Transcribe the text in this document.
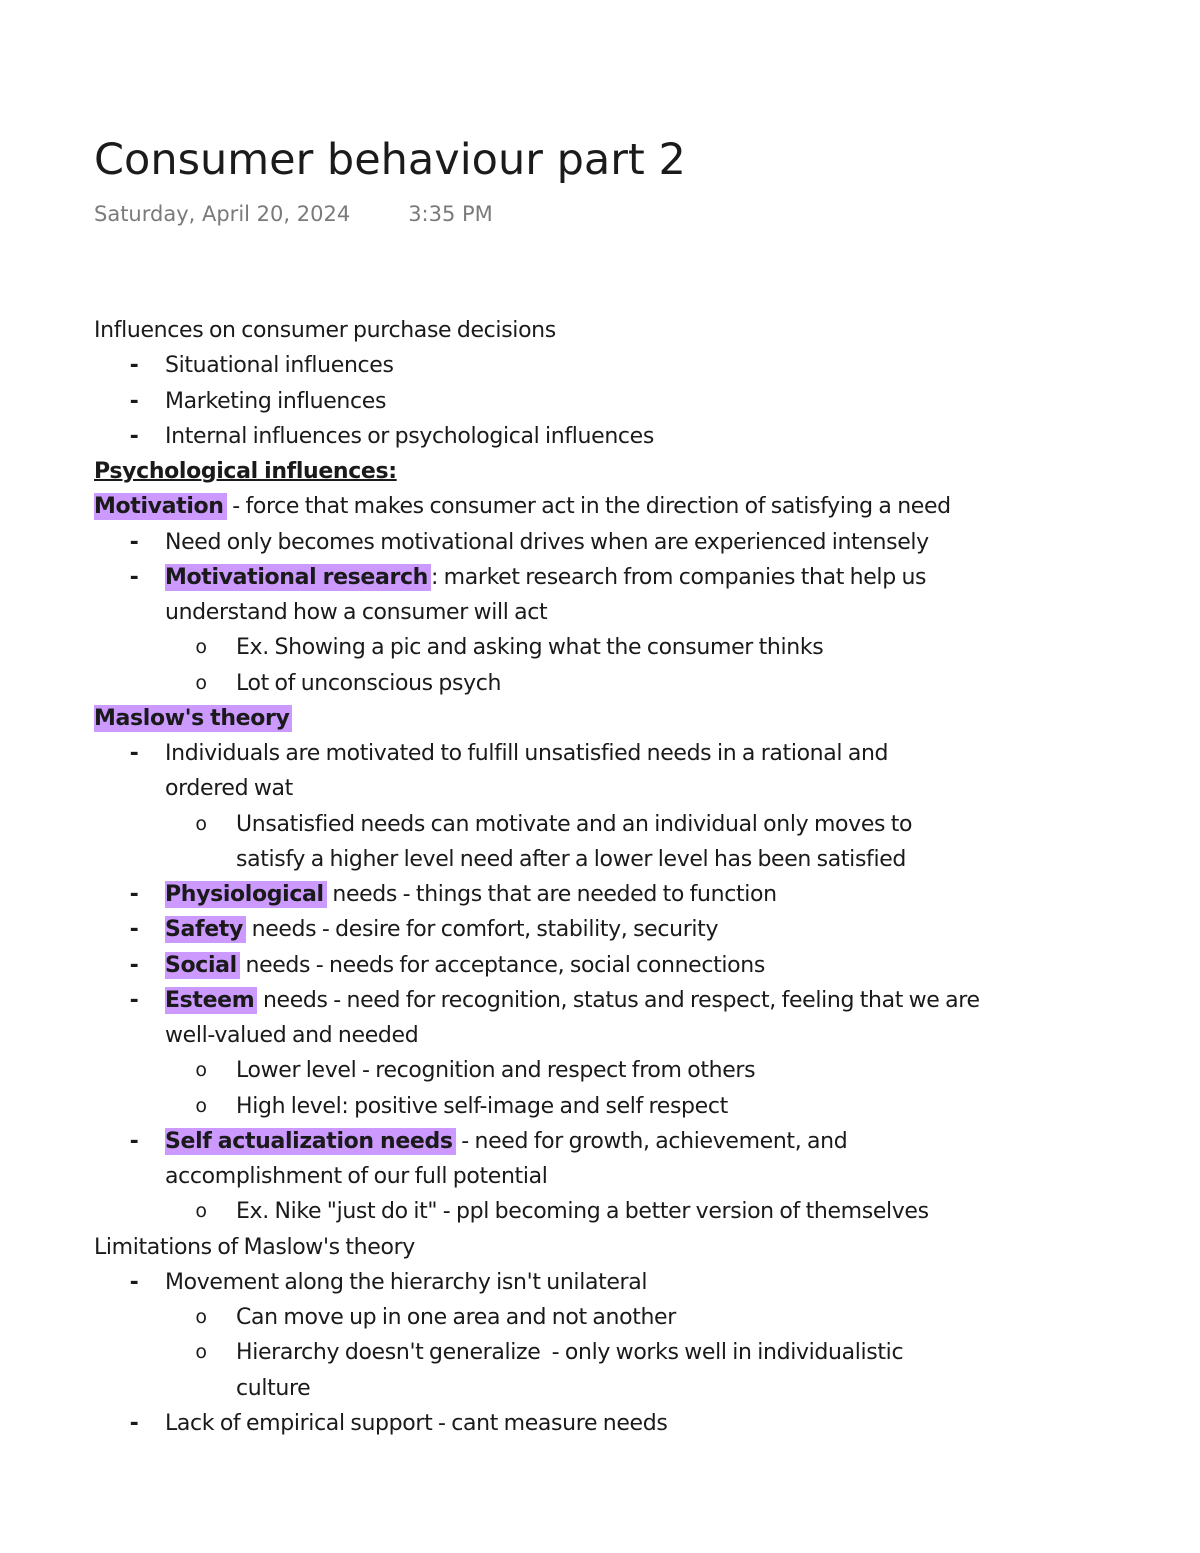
Consumer behaviour part 2
Saturday, April 20, 2024	3:35 PM
Influences on consumer purchase decisions
-	Situational influences
-	Marketing influences
-	Internal influences or psychological influences
Psychological influences:
Motivation - force that makes consumer act in the direction of satisfying a need
-	Need only becomes motivational drives when are experienced intensely
-	Motivational research : market research from companies that help us
understand how a consumer will act
o	Ex. Showing a pic and asking what the consumer thinks
o	Lot of unconscious psych
Maslow's theory
-	Individuals are motivated to fulfill unsatisfied needs in a rational and
ordered wat
o	Unsatisfied needs can motivate and an individual only moves to
satisfy a higher level need after a lower level has been satisfied
-	Physiological needs - things that are needed to function
-	Safety needs - desire for comfort, stability, security
-	Social needs - needs for acceptance, social connections
-	Esteem needs - need for recognition, status and respect, feeling that we are
well-valued and needed
o	Lower level - recognition and respect from others
o	High level: positive self-image and self respect
-	Self actualization needs - need for growth, achievement, and
accomplishment of our full potential
o	Ex. Nike "just do it" - ppl becoming a better version of themselves
Limitations of Maslow's theory
-	Movement along the hierarchy isn't unilateral
o	Can move up in one area and not another
o	Hierarchy doesn't generalize  - only works well in individualistic
culture
-	Lack of empirical support - cant measure needs
